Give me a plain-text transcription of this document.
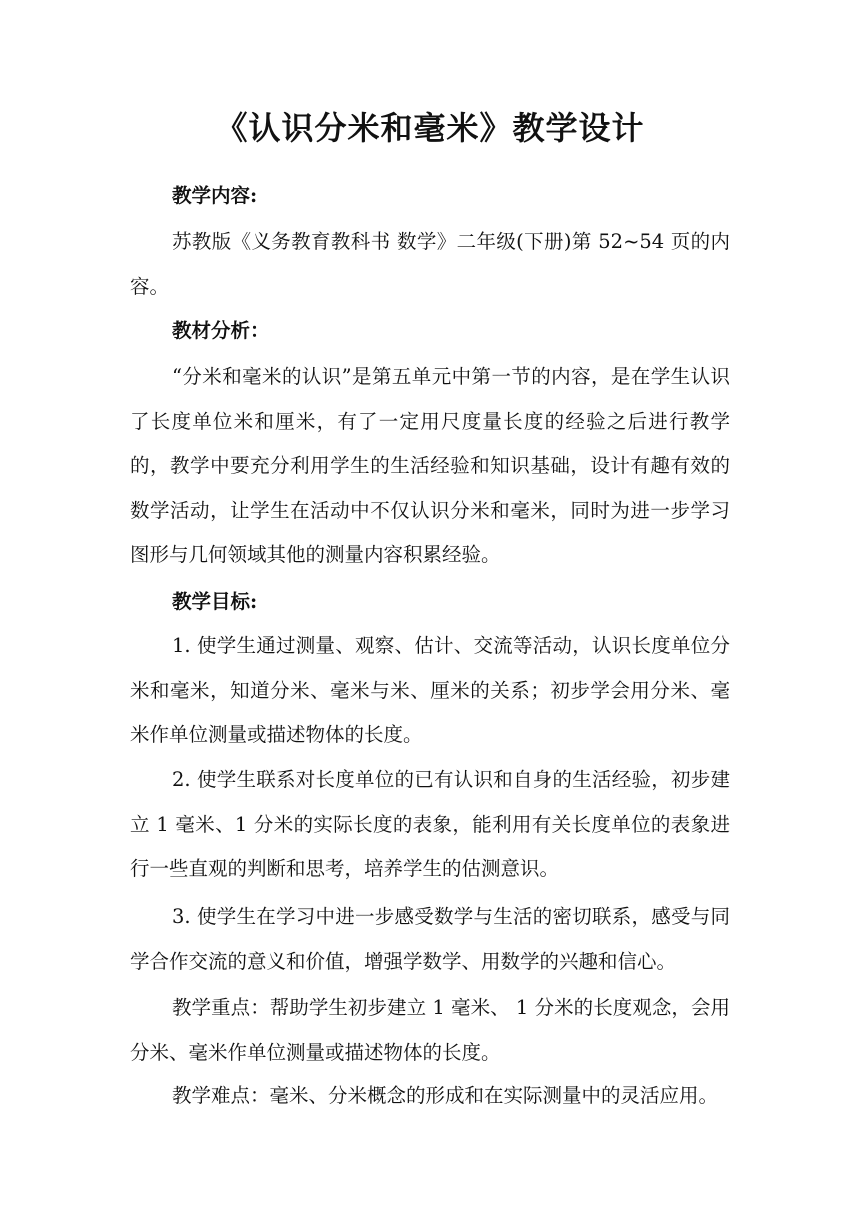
《认识分米和毫米》教学设计
教学内容:
苏教版《义务教育教科书 数学》二年级(下册)第 52~54 页的内容。
教材分析：
“分米和毫米的认识”是第五单元中第一节的内容，是在学生认识了长度单位米和厘米，有了一定用尺度量长度的经验之后进行教学的，教学中要充分利用学生的生活经验和知识基础，设计有趣有效的数学活动，让学生在活动中不仅认识分米和毫米，同时为进一步学习图形与几何领域其他的测量内容积累经验。
教学目标:
1. 使学生通过测量、观察、估计、交流等活动，认识长度单位分米和毫米，知道分米、毫米与米、厘米的关系；初步学会用分米、毫米作单位测量或描述物体的长度。
2. 使学生联系对长度单位的已有认识和自身的生活经验，初步建立 1 毫米、1 分米的实际长度的表象，能利用有关长度单位的表象进行一些直观的判断和思考，培养学生的估测意识。
3. 使学生在学习中进一步感受数学与生活的密切联系，感受与同学合作交流的意义和价值，增强学数学、用数学的兴趣和信心。
教学重点：帮助学生初步建立 1 毫米、 1 分米的长度观念，会用分米、毫米作单位测量或描述物体的长度。
教学难点：毫米、分米概念的形成和在实际测量中的灵活应用。
